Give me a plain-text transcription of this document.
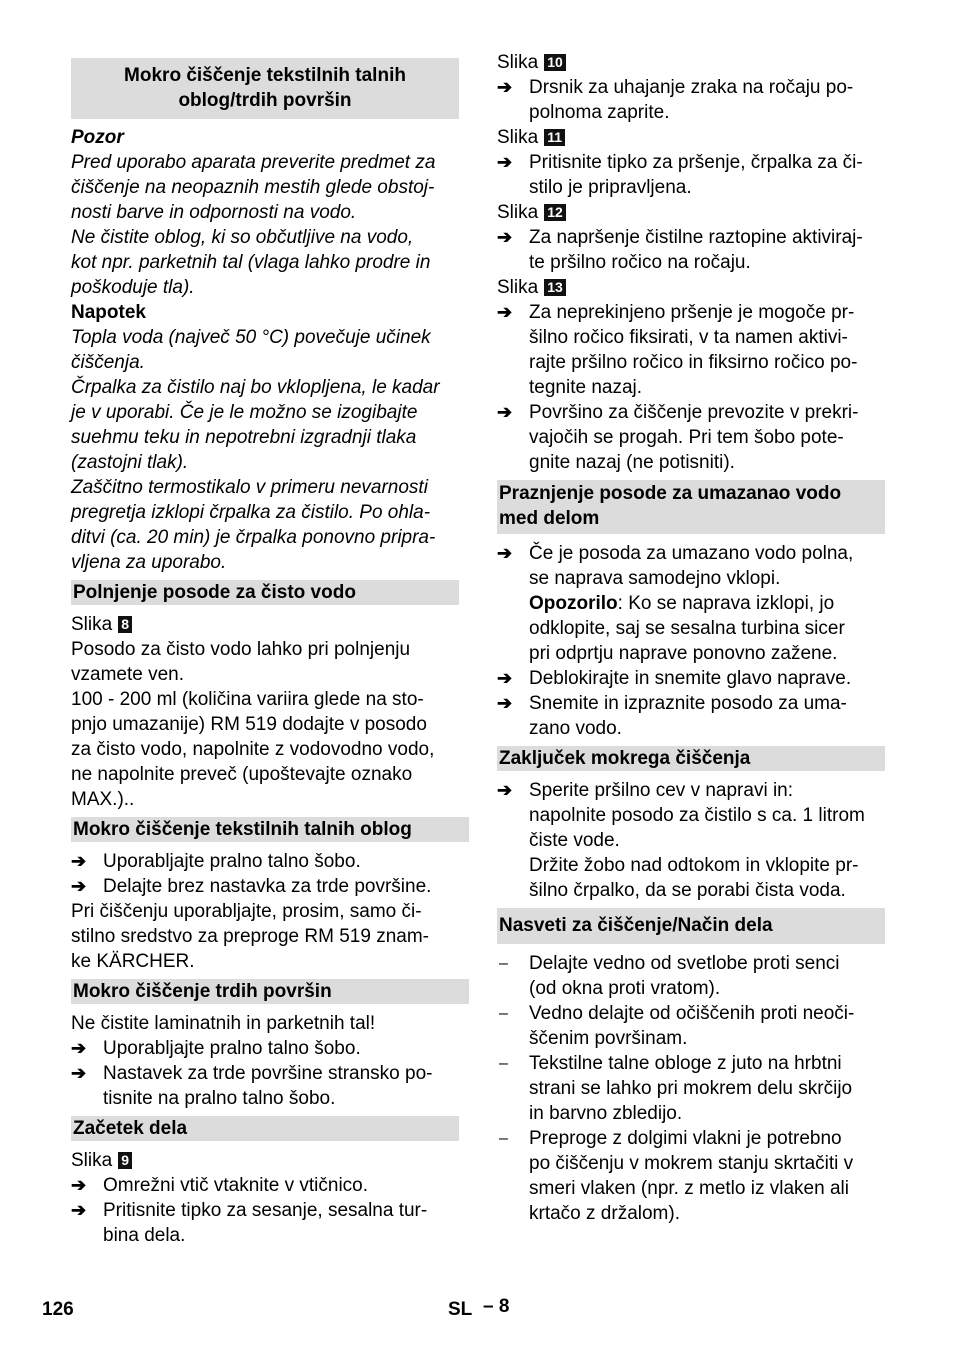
Mokro čiščenje tekstilnih talnih
oblog/trdih površin
Pozor
Pred uporabo aparata preverite predmet za
čiščenje na neopaznih mestih glede obstoj-
nosti barve in odpornosti na vodo.
Ne čistite oblog, ki so občutljive na vodo,
kot npr. parketnih tal (vlaga lahko prodre in
poškoduje tla).
Napotek
Topla voda (največ 50 °C) povečuje učinek
čiščenja.
Črpalka za čistilo naj bo vklopljena, le kadar
je v uporabi. Če je le možno se izogibajte
suehmu teku in nepotrebni izgradnji tlaka
(zastojni tlak).
Zaščitno termostikalo v primeru nevarnosti
pregretja izklopi črpalka za čistilo. Po ohla-
ditvi (ca. 20 min) je črpalka ponovno pripra-
vljena za uporabo.
Polnjenje posode za čisto vodo
Slika 8
Posodo za čisto vodo lahko pri polnjenju
vzamete ven.
100 - 200 ml (količina variira glede na sto-
pnjo umazanije) RM 519 dodajte v posodo
za čisto vodo, napolnite z vodovodno vodo,
ne napolnite preveč (upoštevajte oznako
MAX.)..
Mokro čiščenje tekstilnih talnih oblog
➔ Uporabljajte pralno talno šobo.
➔ Delajte brez nastavka za trde površine.
Pri čiščenju uporabljajte, prosim, samo či-
stilno sredstvo za preproge RM 519 znam-
ke KÄRCHER.
Mokro čiščenje trdih površin
Ne čistite laminatnih in parketnih tal!
➔ Uporabljajte pralno talno šobo.
➔ Nastavek za trde površine stransko po-
tisnite na pralno talno šobo.
Začetek dela
Slika 9
➔ Omrežni vtič vtaknite v vtičnico.
➔ Pritisnite tipko za sesanje, sesalna tur-
bina dela.
Slika 10
➔ Drsnik za uhajanje zraka na ročaju po-
polnoma zaprite.
Slika 11
➔ Pritisnite tipko za pršenje, črpalka za či-
stilo je pripravljena.
Slika 12
➔ Za napršenje čistilne raztopine aktiviraj-
te pršilno ročico na ročaju.
Slika 13
➔ Za neprekinjeno pršenje je mogoče pr-
šilno ročico fiksirati, v ta namen aktivi-
rajte pršilno ročico in fiksirno ročico po-
tegnite nazaj.
➔ Površino za čiščenje prevozite v prekri-
vajočih se progah. Pri tem šobo pote-
gnite nazaj (ne potisniti).
Praznjenje posode za umazanao vodo
med delom
➔ Če je posoda za umazano vodo polna,
se naprava samodejno vklopi.
Opozorilo: Ko se naprava izklopi, jo
odklopite, saj se sesalna turbina sicer
pri odprtju naprave ponovno zažene.
➔ Deblokirajte in snemite glavo naprave.
➔ Snemite in izpraznite posodo za uma-
zano vodo.
Zaključek mokrega čiščenja
➔ Sperite pršilno cev v napravi in:
napolnite posodo za čistilo s ca. 1 litrom
čiste vode.
Držite žobo nad odtokom in vklopite pr-
šilno črpalko, da se porabi čista voda.
Nasveti za čiščenje/Način dela
–	Delajte vedno od svetlobe proti senci
(od okna proti vratom).
–	Vedno delajte od očiščenih proti neoči-
ščenim površinam.
–	Tekstilne talne obloge z juto na hrbtni
strani se lahko pri mokrem delu skrčijo
in barvno zbledijo.
–	Preproge z dolgimi vlakni je potrebno
po čiščenju v mokrem stanju skrtačiti v
smeri vlaken (npr. z metlo iz vlaken ali
krtačo z držalom).
126	SL – 8
